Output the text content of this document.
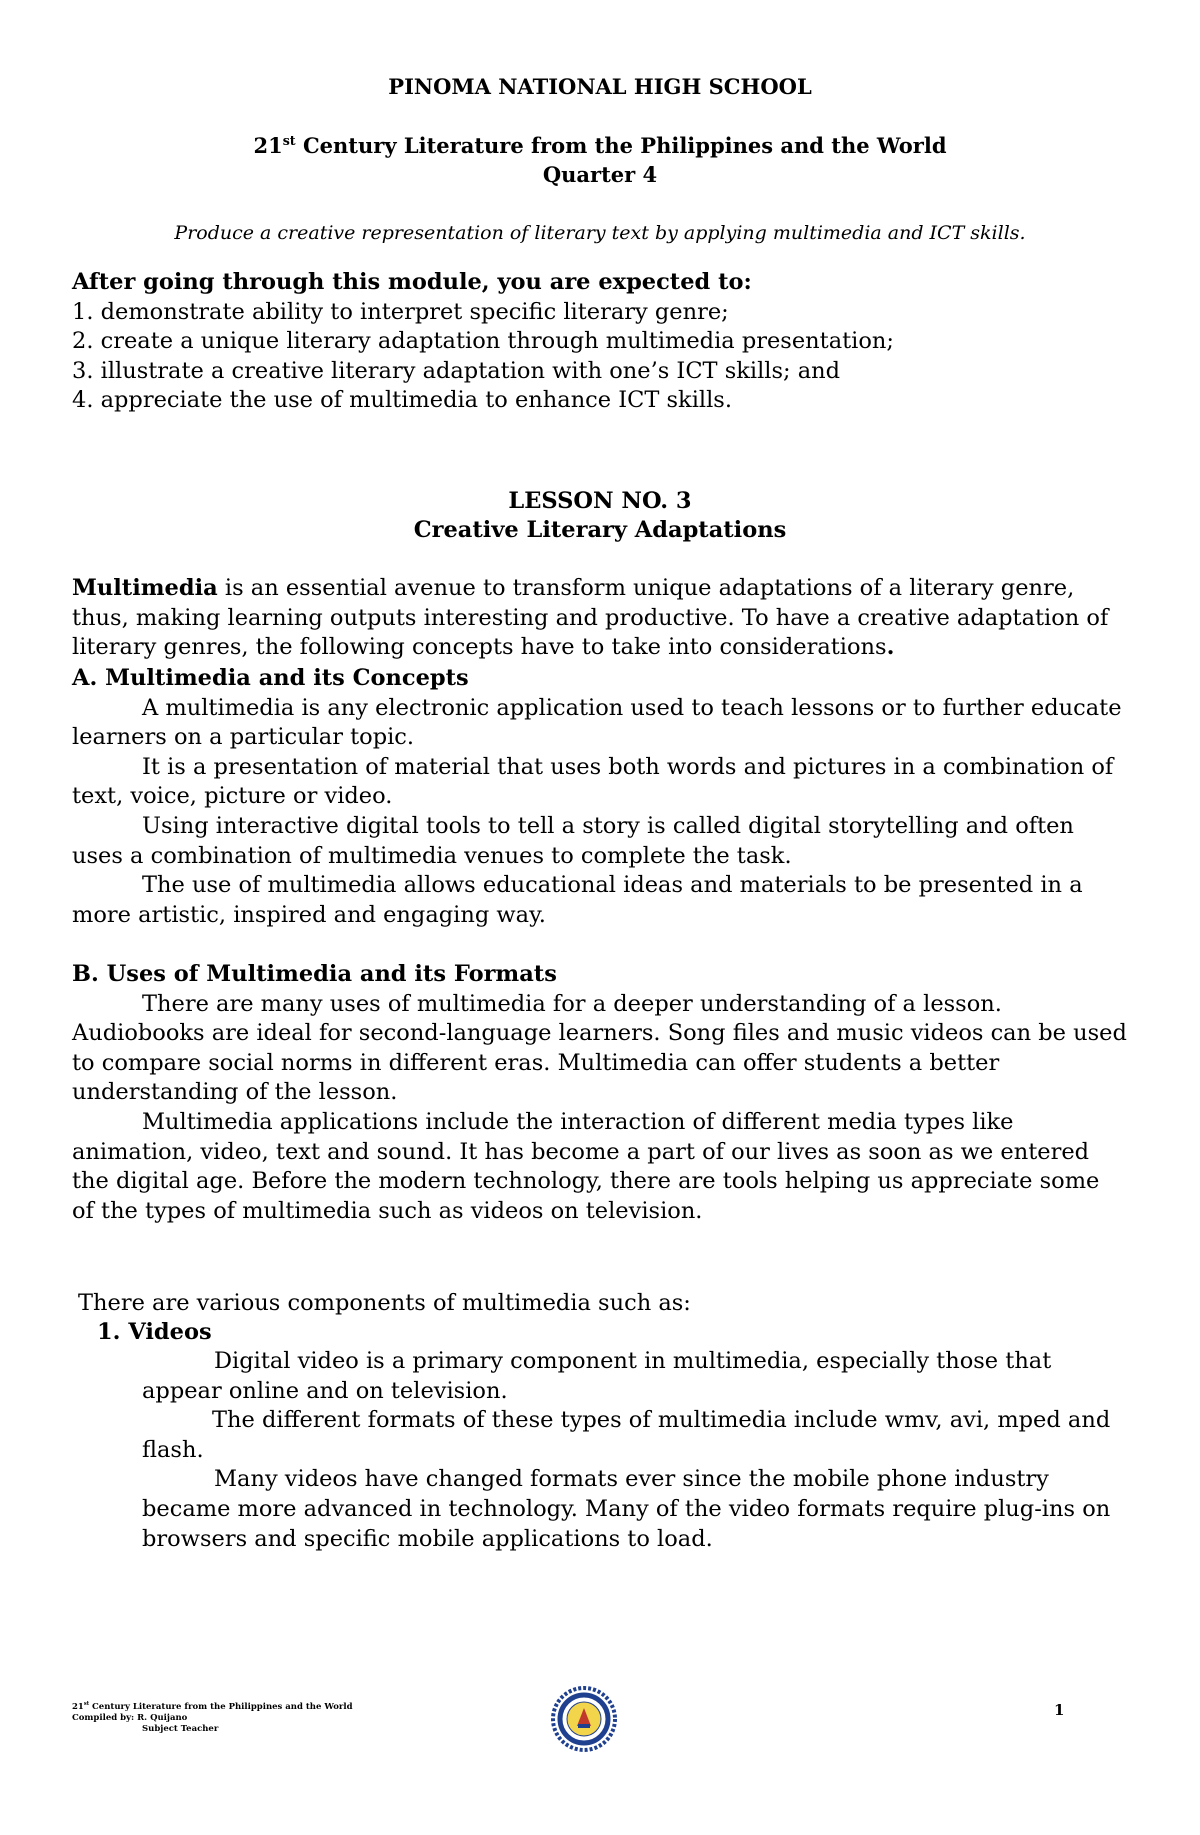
PINOMA NATIONAL HIGH SCHOOL
21st Century Literature from the Philippines and the World
Quarter 4
Produce a creative representation of literary text by applying multimedia and ICT skills.

After going through this module, you are expected to:

1. demonstrate ability to interpret specific literary genre;
2. create a unique literary adaptation through multimedia presentation;
3. illustrate a creative literary adaptation with one’s ICT skills; and
4. appreciate the use of multimedia to enhance ICT skills.
LESSON NO. 3
Creative Literary Adaptations

Multimedia is an essential avenue to transform unique adaptations of a literary genre, thus, making learning outputs interesting and productive. To have a creative adaptation of literary genres, the following concepts have to take into considerations.

A. Multimedia and its Concepts

A multimedia is any electronic application used to teach lessons or to further educate learners on a particular topic.

It is a presentation of material that uses both words and pictures in a combination of text, voice, picture or video.

Using interactive digital tools to tell a story is called digital storytelling and often uses a combination of multimedia venues to complete the task.

The use of multimedia allows educational ideas and materials to be presented in a more artistic, inspired and engaging way.

B. Uses of Multimedia and its Formats

There are many uses of multimedia for a deeper understanding of a lesson. Audiobooks are ideal for second-language learners. Song files and music videos can be used to compare social norms in different eras. Multimedia can offer students a better understanding of the lesson.

Multimedia applications include the interaction of different media types like animation, video, text and sound. It has become a part of our lives as soon as we entered the digital age. Before the modern technology, there are tools helping us appreciate some of the types of multimedia such as videos on television.

There are various components of multimedia such as:

1. Videos

Digital video is a primary component in multimedia, especially those that appear online and on television.

The different formats of these types of multimedia include wmv, avi, mped and flash.

Many videos have changed formats ever since the mobile phone industry became more advanced in technology. Many of the video formats require plug-ins on browsers and specific mobile applications to load.

21st Century Literature from the Philippines and the World
Compiled by: R. Quijano
Subject Teacher
1
